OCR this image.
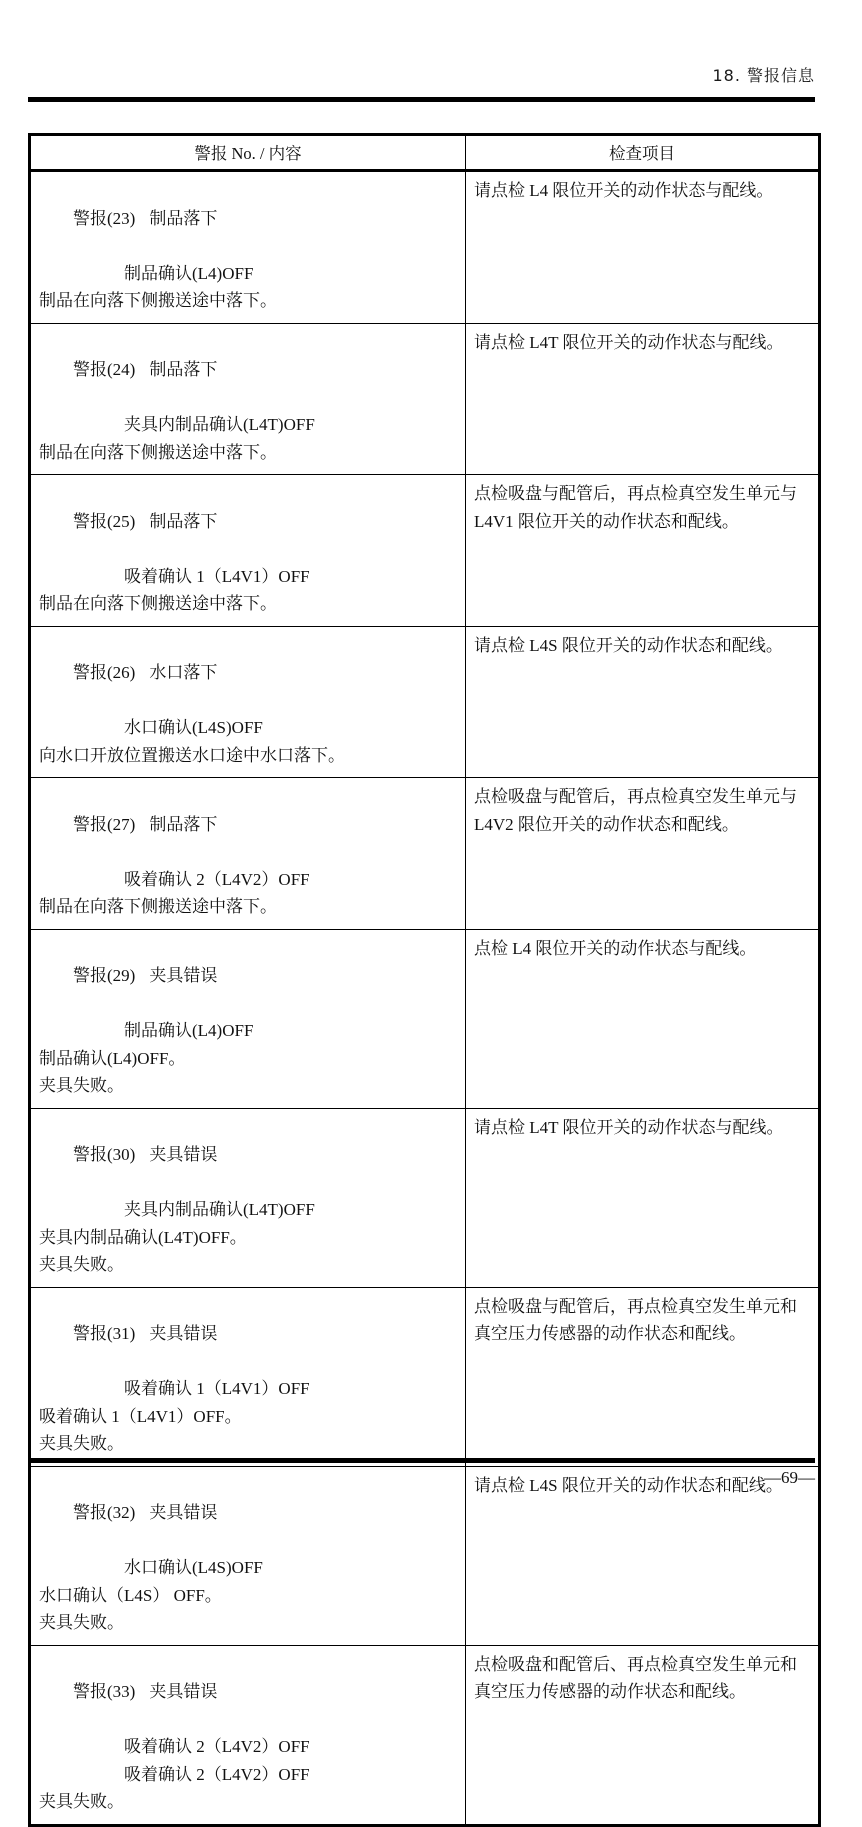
18. 警报信息
警报 No. / 内容	检查项目

警报(23) 制品落下

制品确认(L4)OFF
制品在向落下侧搬送途中落下。	请点检 L4 限位开关的动作状态与配线。

警报(24) 制品落下

夹具内制品确认(L4T)OFF
制品在向落下侧搬送途中落下。	请点检 L4T 限位开关的动作状态与配线。

警报(25) 制品落下

吸着确认 1（L4V1）OFF
制品在向落下侧搬送途中落下。	点检吸盘与配管后，再点检真空发生单元与 L4V1 限位开关的动作状态和配线。

警报(26) 水口落下

水口确认(L4S)OFF
向水口开放位置搬送水口途中水口落下。	请点检 L4S 限位开关的动作状态和配线。

警报(27) 制品落下

吸着确认 2（L4V2）OFF
制品在向落下侧搬送途中落下。	点检吸盘与配管后，再点检真空发生单元与 L4V2 限位开关的动作状态和配线。

警报(29) 夹具错误

制品确认(L4)OFF
制品确认(L4)OFF。
夹具失败。	点检 L4 限位开关的动作状态与配线。

警报(30) 夹具错误

夹具内制品确认(L4T)OFF
夹具内制品确认(L4T)OFF。
夹具失败。	请点检 L4T 限位开关的动作状态与配线。

警报(31) 夹具错误

吸着确认 1（L4V1）OFF
吸着确认 1（L4V1）OFF。
夹具失败。	点检吸盘与配管后，再点检真空发生单元和真空压力传感器的动作状态和配线。

警报(32) 夹具错误

水口确认(L4S)OFF
水口确认（L4S） OFF。
夹具失败。	请点检 L4S 限位开关的动作状态和配线。

警报(33) 夹具错误

吸着确认 2（L4V2）OFF
吸着确认 2（L4V2）OFF
夹具失败。	点检吸盘和配管后、再点检真空发生单元和真空压力传感器的动作状态和配线。
—69—
